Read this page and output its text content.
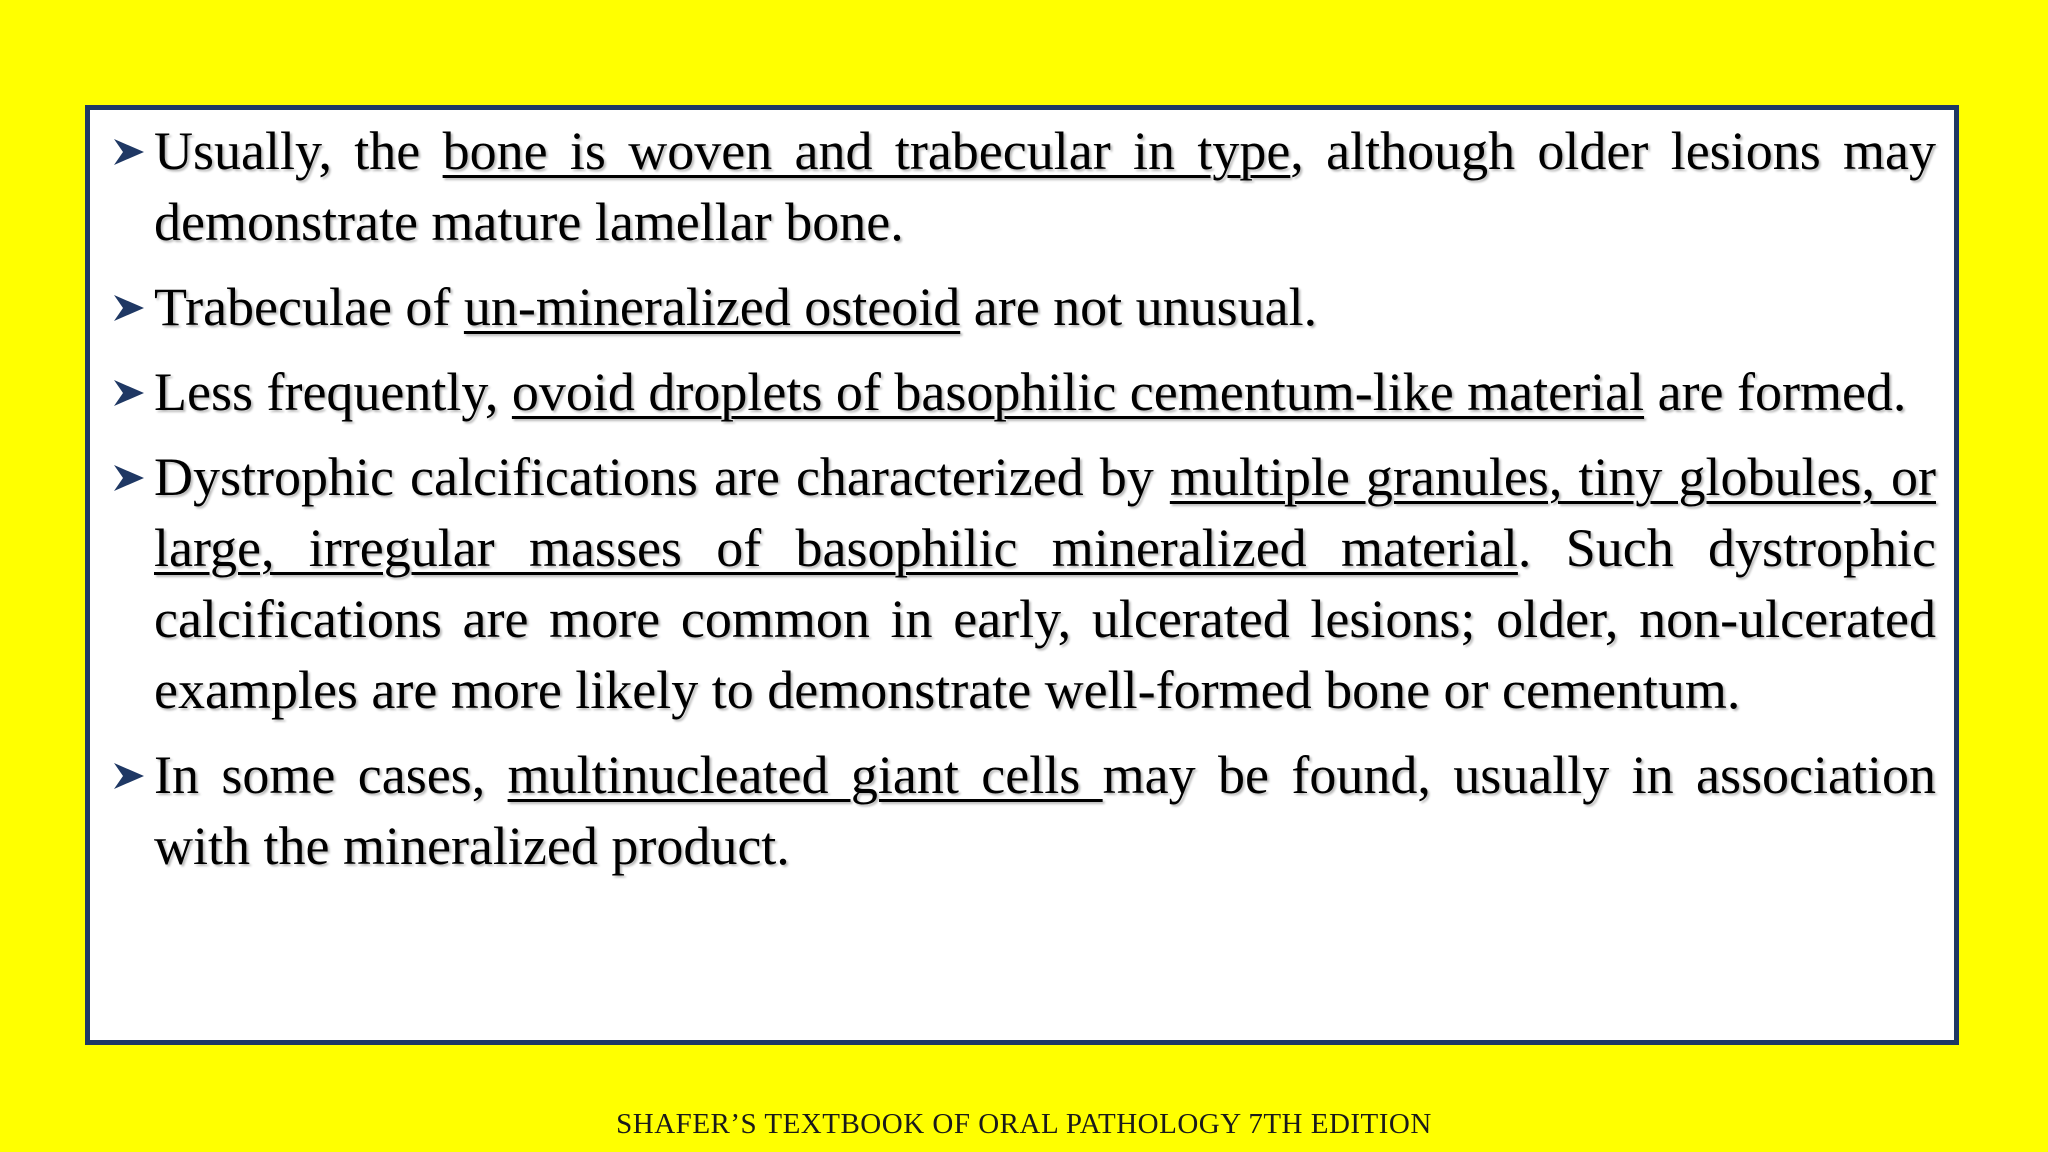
Usually, the bone is woven and trabecular in type, although older lesions may demonstrate mature lamellar bone.
Trabeculae of un-mineralized osteoid are not unusual.
Less frequently, ovoid droplets of basophilic cementum-like material are formed.
Dystrophic calcifications are characterized by multiple granules, tiny globules, or large, irregular masses of basophilic mineralized material. Such dystrophic calcifications are more common in early, ulcerated lesions; older, non-ulcerated examples are more likely to demonstrate well-formed bone or cementum.
In some cases, multinucleated giant cells may be found, usually in association with the mineralized product.
SHAFER’S TEXTBOOK OF ORAL PATHOLOGY 7TH EDITION
